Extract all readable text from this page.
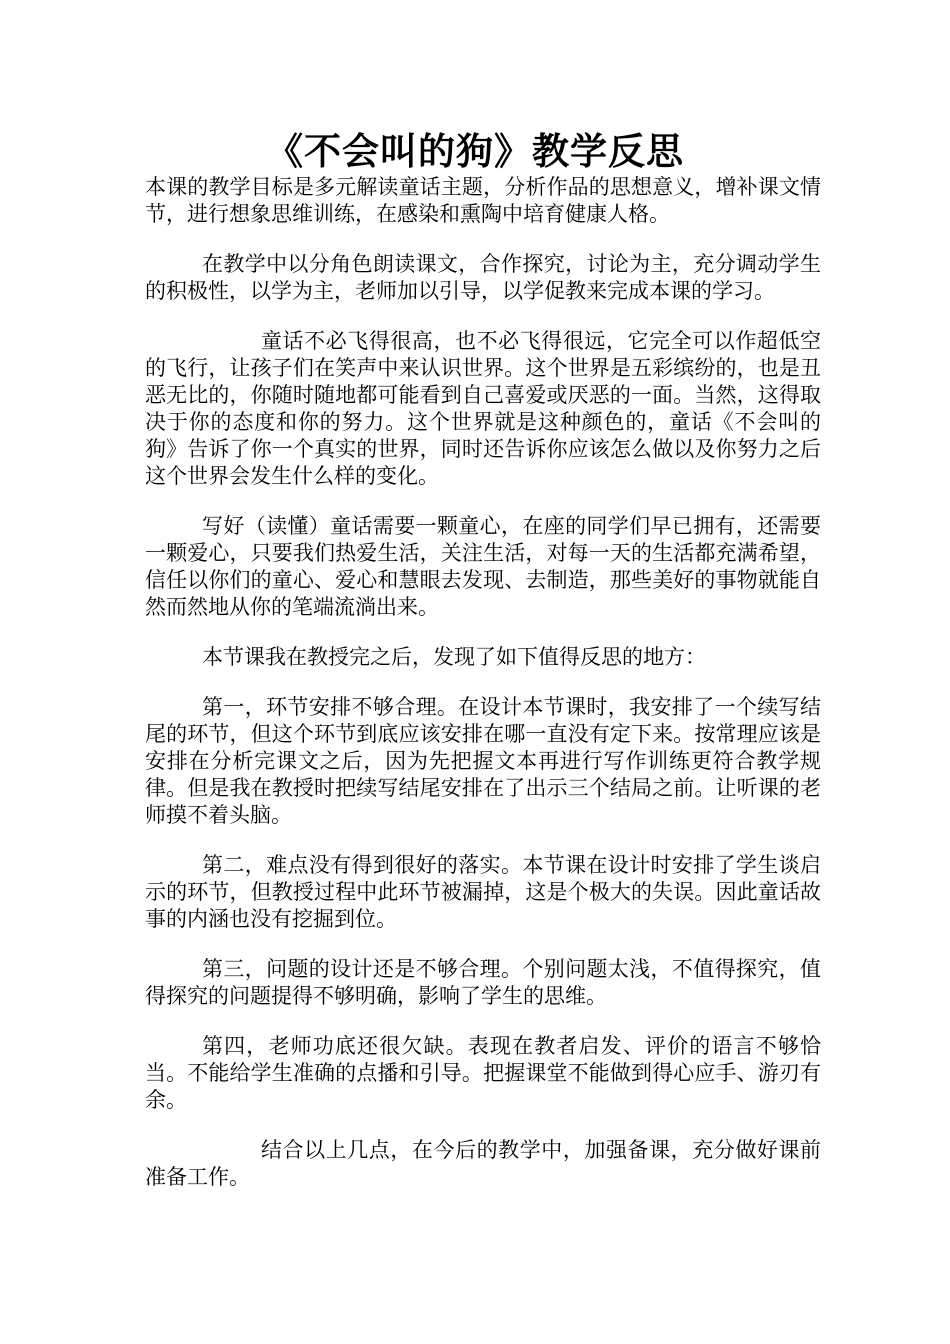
《不会叫的狗》教学反思

本课的教学目标是多元解读童话主题，分析作品的思想意义，增补课文情节，进行想象思维训练，在感染和熏陶中培育健康人格。

在教学中以分角色朗读课文，合作探究，讨论为主，充分调动学生的积极性，以学为主，老师加以引导，以学促教来完成本课的学习。

童话不必飞得很高，也不必飞得很远，它完全可以作超低空的飞行，让孩子们在笑声中来认识世界。这个世界是五彩缤纷的，也是丑恶无比的，你随时随地都可能看到自己喜爱或厌恶的一面。当然，这得取决于你的态度和你的努力。这个世界就是这种颜色的，童话《不会叫的狗》告诉了你一个真实的世界，同时还告诉你应该怎么做以及你努力之后这个世界会发生什么样的变化。

写好（读懂）童话需要一颗童心，在座的同学们早已拥有，还需要一颗爱心，只要我们热爱生活，关注生活，对每一天的生活都充满希望，信任以你们的童心、爱心和慧眼去发现、去制造，那些美好的事物就能自然而然地从你的笔端流淌出来。

本节课我在教授完之后，发现了如下值得反思的地方：

第一，环节安排不够合理。在设计本节课时，我安排了一个续写结尾的环节，但这个环节到底应该安排在哪一直没有定下来。按常理应该是安排在分析完课文之后，因为先把握文本再进行写作训练更符合教学规律。但是我在教授时把续写结尾安排在了出示三个结局之前。让听课的老师摸不着头脑。

第二，难点没有得到很好的落实。本节课在设计时安排了学生谈启示的环节，但教授过程中此环节被漏掉，这是个极大的失误。因此童话故事的内涵也没有挖掘到位。

第三，问题的设计还是不够合理。个别问题太浅，不值得探究，值得探究的问题提得不够明确，影响了学生的思维。

第四，老师功底还很欠缺。表现在教者启发、评价的语言不够恰当。不能给学生准确的点播和引导。把握课堂不能做到得心应手、游刃有余。

结合以上几点，在今后的教学中，加强备课，充分做好课前准备工作。
